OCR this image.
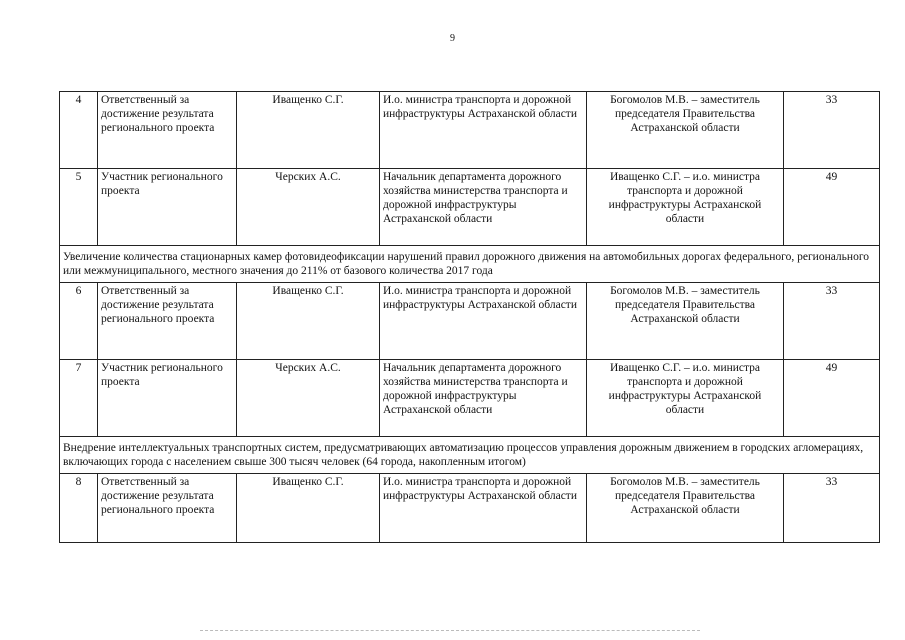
9
4	Ответственный за достижение результата регионального проекта	Иващенко С.Г.	И.о. министра транспорта и дорожной инфраструктуры Астраханской области	Богомолов М.В. – заместитель председателя Правительства Астраханской области	33
5	Участник регионального проекта	Черских А.С.	Начальник департамента дорожного хозяйства министерства транспорта и дорожной инфраструктуры Астраханской области	Иващенко С.Г. – и.о. министра транспорта и дорожной инфраструктуры Астраханской области	49
Увеличение количества стационарных камер фотовидеофиксации нарушений правил дорожного движения на автомобильных дорогах федерального, регионального или межмуниципального, местного значения до 211% от базового количества 2017 года					
6	Ответственный за достижение результата регионального проекта	Иващенко С.Г.	И.о. министра транспорта и дорожной инфраструктуры Астраханской области	Богомолов М.В. – заместитель председателя Правительства Астраханской области	33
7	Участник регионального проекта	Черских А.С.	Начальник департамента дорожного хозяйства министерства транспорта и дорожной инфраструктуры Астраханской области	Иващенко С.Г. – и.о. министра транспорта и дорожной инфраструктуры Астраханской области	49
Внедрение интеллектуальных транспортных систем, предусматривающих автоматизацию процессов управления дорожным движением в городских агломерациях, включающих города с населением свыше 300 тысяч человек (64 города, накопленным итогом)					
8	Ответственный за достижение результата регионального проекта	Иващенко С.Г.	И.о. министра транспорта и дорожной инфраструктуры Астраханской области	Богомолов М.В. – заместитель председателя Правительства Астраханской области	33
